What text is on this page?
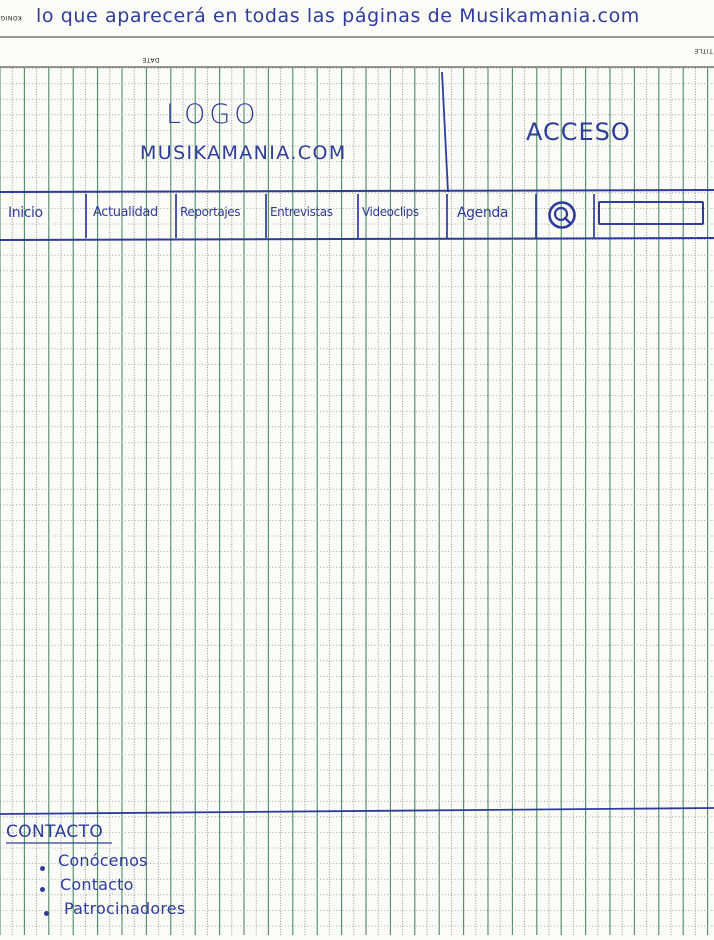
lo que aparecerá en todas las páginas de Musikamania.com
KONIG
DATE
TITLE
LOGO
MUSIKAMANIA.COM
ACCESO
Inicio	Actualidad Reportajes Entrevistas Videoclips	Agenda
CONTACTO
Conócenos
Contacto
Patrocinadores
